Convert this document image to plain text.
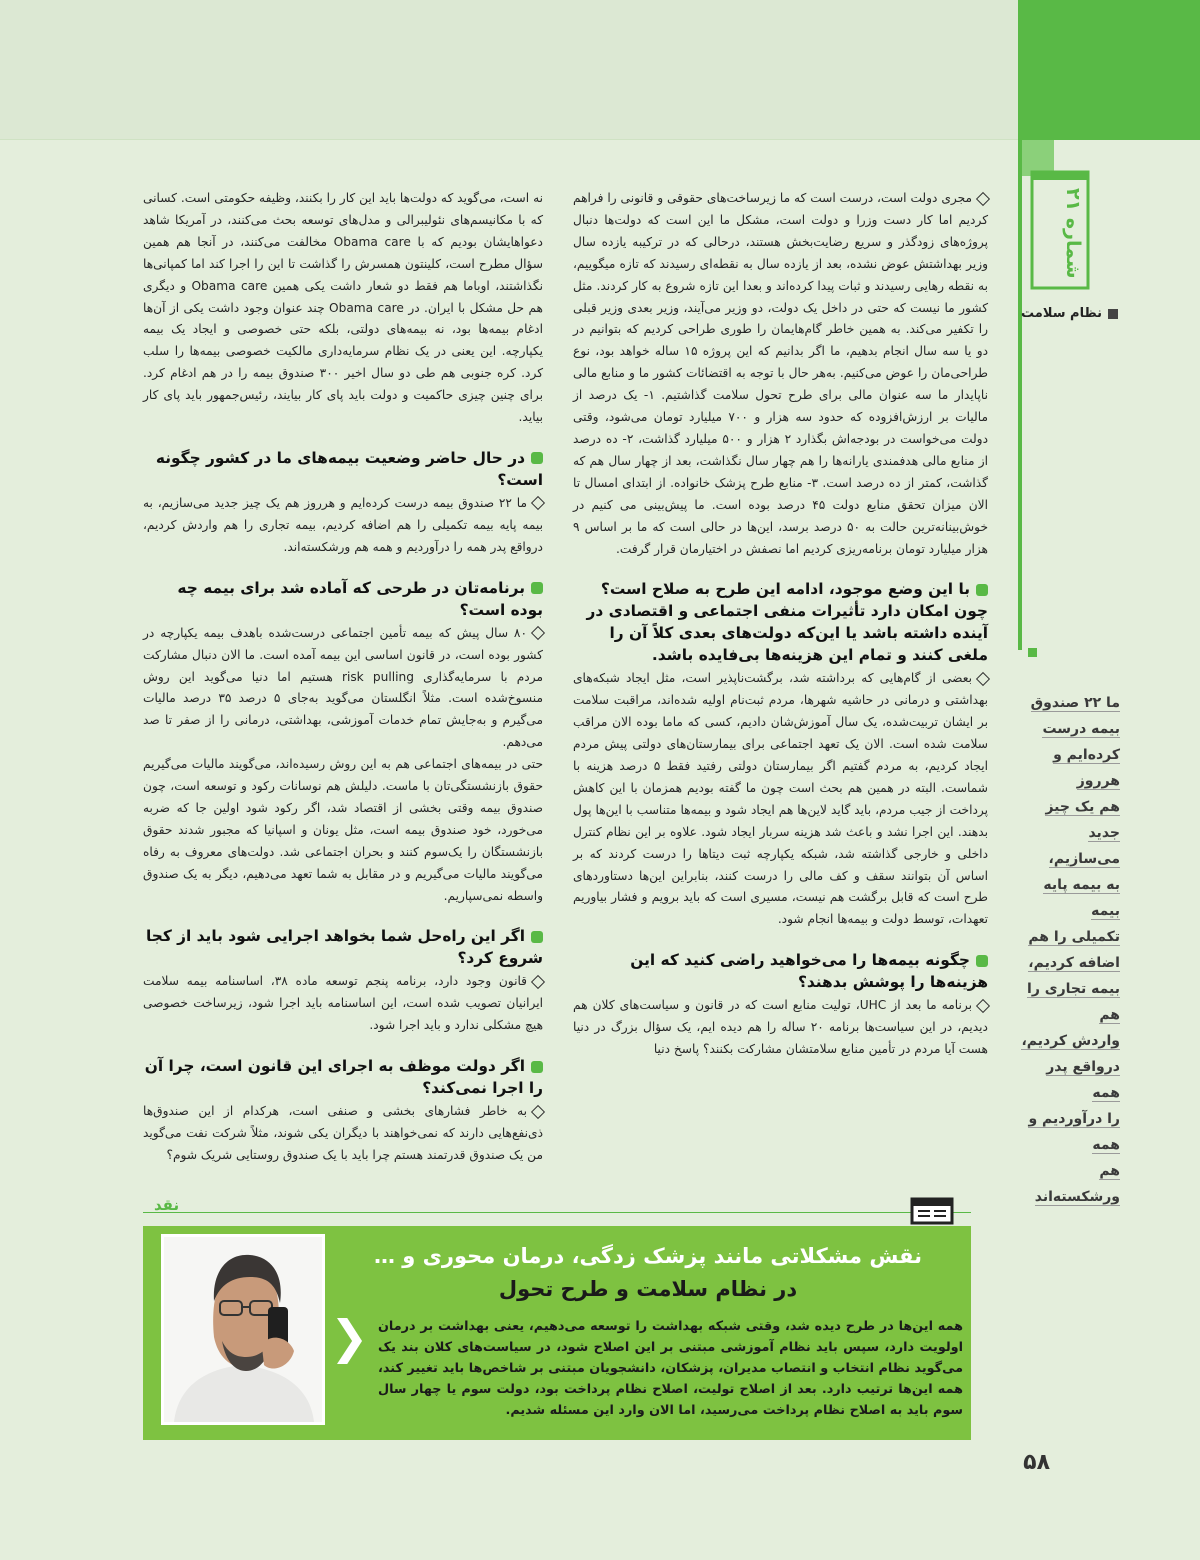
شماره ۲۱
نظام سلامت
ما ۲۲ صندوق
بیمه درست
کرده‌ایم و هرروز
هم یک چیز
جدید می‌سازیم،
به بیمه پایه بیمه
تکمیلی را هم
اضافه کردیم،
بیمه تجاری را هم
واردش کردیم،
درواقع پدر همه
را درآوردیم و همه
هم ورشکسته‌اند

مجری دولت است، درست است که ما زیرساخت‌های حقوقی و قانونی را فراهم کردیم اما کار دست وزرا و دولت است، مشکل ما این است که دولت‌ها دنبال پروژه‌های زودگذر و سریع رضایت‌بخش هستند، درحالی که در ترکیبه یازده سال وزیر بهداشتش عوض نشده، بعد از یازده سال به نقطه‌ای رسیدند که تازه میگوییم، به نقطه رهایی رسیدند و ثبات پیدا کرده‌اند و بعدا این تازه شروع به کار کردند. مثل کشور ما نیست که حتی در داخل یک دولت، دو وزیر می‌آیند، وزیر بعدی وزیر قبلی را تکفیر می‌کند. به همین خاطر گام‌هایمان را طوری طراحی کردیم که بتوانیم در دو یا سه سال انجام بدهیم، ما اگر بدانیم که این پروژه ۱۵ ساله خواهد بود، نوع طراحی‌مان را عوض می‌کنیم. به‌هر حال با توجه به اقتضائات کشور ما و منابع مالی ناپایدار ما سه عنوان مالی برای طرح تحول سلامت گذاشتیم. ۱- یک درصد از مالیات بر ارزش‌افزوده که حدود سه هزار و ۷۰۰ میلیارد تومان می‌شود، وقتی دولت می‌خواست در بودجه‌اش بگذارد ۲ هزار و ۵۰۰ میلیارد گذاشت، ۲- ده درصد از منابع مالی هدفمندی یارانه‌ها را هم چهار سال نگذاشت، بعد از چهار سال هم که گذاشت، کمتر از ده درصد است. ۳- منابع طرح پزشک خانواده. از ابتدای امسال تا الان میزان تحقق منابع دولت ۴۵ درصد بوده است. ما پیش‌بینی می کنیم در خوش‌بینانه‌ترین حالت به ۵۰ درصد برسد، این‌ها در حالی است که ما بر اساس ۹ هزار میلیارد تومان برنامه‌ریزی کردیم اما نصفش در اختیارمان قرار گرفت.

با این وضع موجود، ادامه این طرح به صلاح است؟ چون امکان دارد تأثیرات منفی اجتماعی و اقتصادی در آینده داشته باشد یا این‌که دولت‌های بعدی کلاً آن را ملغی کنند و تمام این هزینه‌ها بی‌فایده باشد.

بعضی از گام‌هایی که برداشته شد، برگشت‌ناپذیر است، مثل ایجاد شبکه‌های بهداشتی و درمانی در حاشیه شهرها، مردم ثبت‌نام اولیه شده‌اند، مراقبت سلامت بر ایشان تربیت‌شده، یک سال آموزش‌شان دادیم، کسی که ماما بوده الان مراقب سلامت شده است. الان یک تعهد اجتماعی برای بیمارستان‌های دولتی پیش مردم ایجاد کردیم، به مردم گفتیم اگر بیمارستان دولتی رفتید فقط ۵ درصد هزینه با شماست. البته در همین هم بحث است چون ما گفته بودیم همزمان با این کاهش پرداخت از جیب مردم، باید گاید لاین‌ها هم ایجاد شود و بیمه‌ها متناسب با این‌ها پول بدهند. این اجرا نشد و باعث شد هزینه سربار ایجاد شود. علاوه بر این نظام کنترل داخلی و خارجی گذاشته شد، شبکه یکپارچه ثبت دیتاها را درست کردند که بر اساس آن بتوانند سقف و کف مالی را درست کنند، بنابراین این‌ها دستاوردهای طرح است که قابل برگشت هم نیست، مسیری است که باید برویم و فشار بیاوریم تعهدات، توسط دولت و بیمه‌ها انجام شود.

چگونه بیمه‌ها را می‌خواهید راضی کنید که این هزینه‌ها را پوشش بدهند؟

برنامه ما بعد از UHC، تولیت منابع است که در قانون و سیاست‌های کلان هم دیدیم، در این سیاست‌ها برنامه ۲۰ ساله را هم دیده ایم، یک سؤال بزرگ در دنیا هست آیا مردم در تأمین منابع سلامتشان مشارکت بکنند؟ پاسخ دنیا

نه است، می‌گوید که دولت‌ها باید این کار را بکنند، وظیفه حکومتی است. کسانی که با مکانیسم‌های نئولیبرالی و مدل‌های توسعه بحث می‌کنند، در آمریکا شاهد دعواهایشان بودیم که با Obama care مخالفت می‌کنند، در آنجا هم همین سؤال مطرح است، کلینتون همسرش را گذاشت تا این را اجرا کند اما کمپانی‌ها نگذاشتند، اوباما هم فقط دو شعار داشت یکی همین Obama care و دیگری هم حل مشکل با ایران. در Obama care چند عنوان وجود داشت یکی از آن‌ها ادغام بیمه‌ها بود، نه بیمه‌های دولتی، بلکه حتی خصوصی و ایجاد یک بیمه یکپارچه. این یعنی در یک نظام سرمایه‌داری مالکیت خصوصی بیمه‌ها را سلب کرد. کره جنوبی هم طی دو سال اخیر ۳۰۰ صندوق بیمه را در هم ادغام کرد. برای چنین چیزی حاکمیت و دولت باید پای کار بیایند، رئیس‌جمهور باید پای کار بیاید.

در حال حاضر وضعیت بیمه‌های ما در کشور چگونه است؟

ما ۲۲ صندوق بیمه درست کرده‌ایم و هرروز هم یک چیز جدید می‌سازیم، به بیمه پایه بیمه تکمیلی را هم اضافه کردیم، بیمه تجاری را هم واردش کردیم، درواقع پدر همه را درآوردیم و همه هم ورشکسته‌اند.

برنامه‌تان در طرحی که آماده شد برای بیمه چه بوده است؟

۸۰ سال پیش که بیمه تأمین اجتماعی درست‌شده باهدف بیمه یکپارچه در کشور بوده است، در قانون اساسی این بیمه آمده است. ما الان دنبال مشارکت مردم با سرمایه‌گذاری risk pulling هستیم اما دنیا می‌گوید این روش منسوخ‌شده است. مثلاً انگلستان می‌گوید به‌جای ۵ درصد ۳۵ درصد مالیات می‌گیرم و به‌جایش تمام خدمات آموزشی، بهداشتی، درمانی را از صفر تا صد می‌دهم.

حتی در بیمه‌های اجتماعی هم به این روش رسیده‌اند، می‌گویند مالیات می‌گیریم حقوق بازنشستگی‌تان با ماست. دلیلش هم نوسانات رکود و توسعه است، چون صندوق بیمه وقتی بخشی از اقتصاد شد، اگر رکود شود اولین جا که ضربه می‌خورد، خود صندوق بیمه است، مثل یونان و اسپانیا که مجبور شدند حقوق بازنشستگان را یک‌سوم کنند و بحران اجتماعی شد. دولت‌های معروف به رفاه می‌گویند مالیات می‌گیریم و در مقابل به شما تعهد می‌دهیم، دیگر به یک صندوق واسطه نمی‌سپاریم.

اگر این راه‌حل شما بخواهد اجرایی شود باید از کجا شروع کرد؟

قانون وجود دارد، برنامه پنجم توسعه ماده ۳۸، اساسنامه بیمه سلامت ایرانیان تصویب شده است، این اساسنامه باید اجرا شود، زیرساخت خصوصی هیچ مشکلی ندارد و باید اجرا شود.

اگر دولت موظف به اجرای این قانون است، چرا آن را اجرا نمی‌کند؟

به خاطر فشارهای بخشی و صنفی است، هرکدام از این صندوق‌ها ذی‌نفع‌هایی دارند که نمی‌خواهند با دیگران یکی شوند، مثلاً شرکت نفت می‌گوید من یک صندوق قدرتمند هستم چرا باید با یک صندوق روستایی شریک شوم؟

نقد
نقش مشکلاتی مانند پزشک زدگی، درمان محوری و …
در نظام سلامت و طرح تحول
❯ همه این‌ها در طرح دیده شد، وقتی شبکه بهداشت را توسعه می‌دهیم، یعنی بهداشت بر درمان اولویت دارد، سپس باید نظام آموزشی مبتنی بر این اصلاح شود، در سیاست‌های کلان بند یک می‌گوید نظام انتخاب و انتصاب مدیران، پزشکان، دانشجویان مبتنی بر شاخص‌ها باید تغییر کند، همه این‌ها ترتیب دارد. بعد از اصلاح تولیت، اصلاح نظام پرداخت بود، دولت سوم یا چهار سال سوم باید به اصلاح نظام پرداخت می‌رسید، اما الان وارد این مسئله شدیم.
۵۸
